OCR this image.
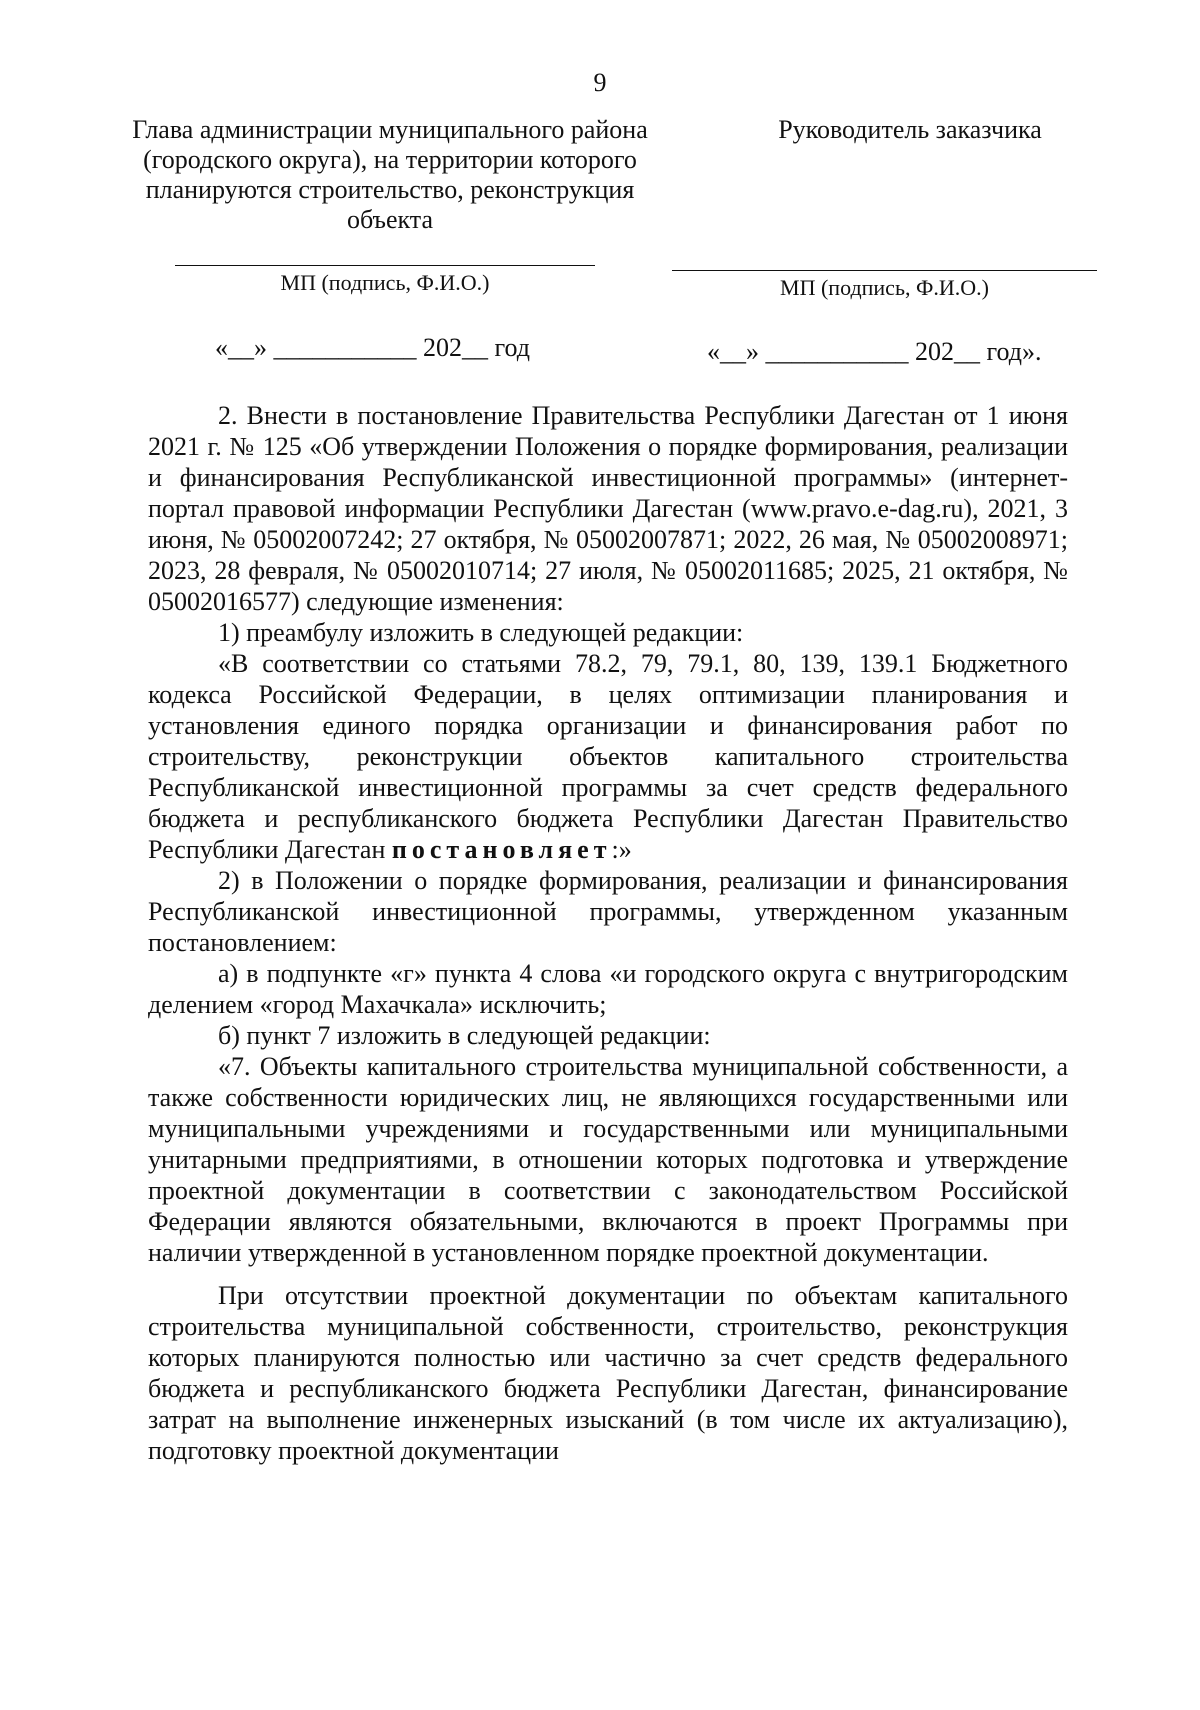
9
Глава администрации муниципального района (городского округа), на территории которого планируются строительство, реконструкция объекта
МП (подпись, Ф.И.О.)
«__» ___________ 202__ год
Руководитель заказчика
МП (подпись, Ф.И.О.)
«__» ___________ 202__ год».

2. Внести в постановление Правительства Республики Дагестан от 1 июня 2021 г. № 125 «Об утверждении Положения о порядке формирования, реализации и финансирования Республиканской инвестиционной программы» (интернет-портал правовой информации Республики Дагестан (www.pravo.e-dag.ru), 2021, 3 июня, № 05002007242; 27 октября, № 05002007871; 2022, 26 мая, № 05002008971; 2023, 28 февраля, № 05002010714; 27 июля, № 05002011685; 2025, 21 октября, № 05002016577) следующие изменения:

1) преамбулу изложить в следующей редакции:

«В соответствии со статьями 78.2, 79, 79.1, 80, 139, 139.1 Бюджетного кодекса Российской Федерации, в целях оптимизации планирования и установления единого порядка организации и финансирования работ по строительству, реконструкции объектов капитального строительства Республиканской инвестиционной программы за счет средств федерального бюджета и республиканского бюджета Республики Дагестан Правительство Республики Дагестан постановляет:»

2) в Положении о порядке формирования, реализации и финансирования Республиканской инвестиционной программы, утвержденном указанным постановлением:

а) в подпункте «г» пункта 4 слова «и городского округа с внутригородским делением «город Махачкала» исключить;

б) пункт 7 изложить в следующей редакции:

«7. Объекты капитального строительства муниципальной собственности, а также собственности юридических лиц, не являющихся государственными или муниципальными учреждениями и государственными или муниципальными унитарными предприятиями, в отношении которых подготовка и утверждение проектной документации в соответствии с законодательством Российской Федерации являются обязательными, включаются в проект Программы при наличии утвержденной в установленном порядке проектной документации.

При отсутствии проектной документации по объектам капитального строительства муниципальной собственности, строительство, реконструкция которых планируются полностью или частично за счет средств федерального бюджета и республиканского бюджета Республики Дагестан, финансирование затрат на выполнение инженерных изысканий (в том числе их актуализацию), подготовку проектной документации
